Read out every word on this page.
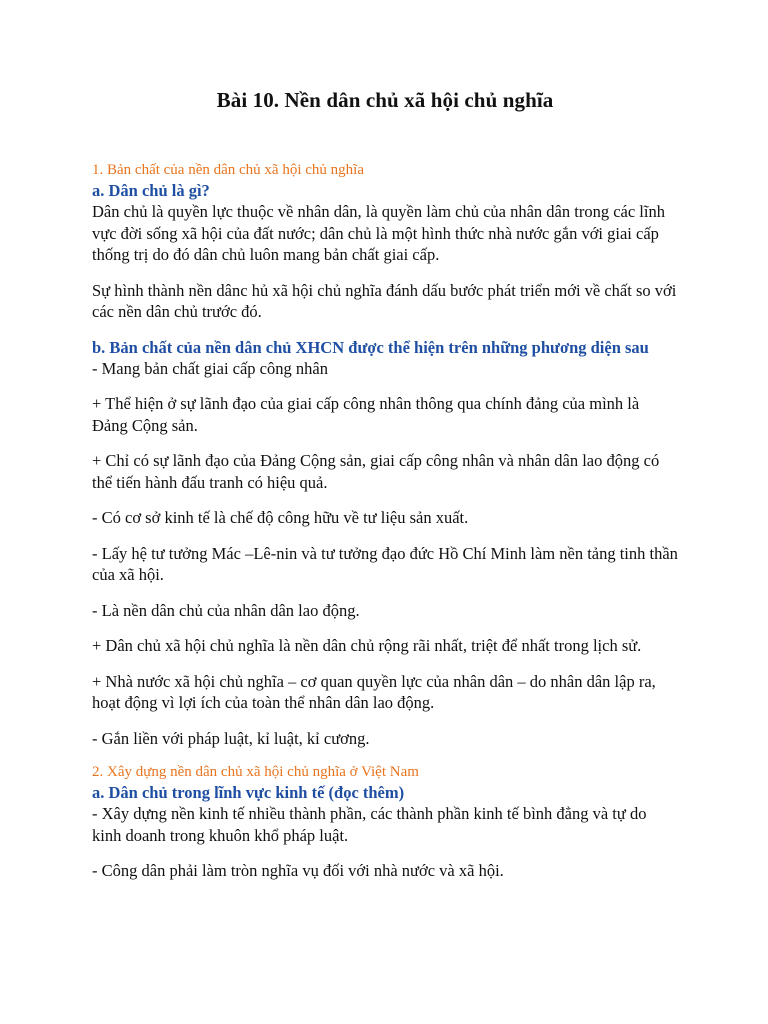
Bài 10. Nền dân chủ xã hội chủ nghĩa

1. Bản chất của nền dân chủ xã hội chủ nghĩa

a. Dân chủ là gì?

Dân chủ là quyền lực thuộc về nhân dân, là quyền làm chủ của nhân dân trong các lĩnh vực đời sống xã hội của đất nước; dân chủ là một hình thức nhà nước gắn với giai cấp thống trị do đó dân chủ luôn mang bản chất giai cấp.

Sự hình thành nền dânc hủ xã hội chủ nghĩa đánh dấu bước phát triển mới về chất so với các nền dân chủ trước đó.

b. Bản chất của nền dân chủ XHCN được thể hiện trên những phương diện sau

- Mang bản chất giai cấp công nhân

+ Thể hiện ở sự lãnh đạo của giai cấp công nhân thông qua chính đảng của mình là Đảng Cộng sản.

+ Chỉ có sự lãnh đạo của Đảng Cộng sản, giai cấp công nhân và nhân dân lao động có thể tiến hành đấu tranh có hiệu quả.

- Có cơ sở kinh tế là chế độ công hữu về tư liệu sản xuất.

- Lấy hệ tư tưởng Mác –Lê-nin và tư tưởng đạo đức Hồ Chí Minh làm nền tảng tinh thần của xã hội.

- Là nền dân chủ của nhân dân lao động.

+ Dân chủ xã hội chủ nghĩa là nền dân chủ rộng rãi nhất, triệt để nhất trong lịch sử.

+ Nhà nước xã hội chủ nghĩa – cơ quan quyền lực của nhân dân – do nhân dân lập ra, hoạt động vì lợi ích của toàn thể nhân dân lao động.

- Gắn liền với pháp luật, kỉ luật, kỉ cương.

2. Xây dựng nền dân chủ xã hội chủ nghĩa ở Việt Nam

a. Dân chủ trong lĩnh vực kinh tế (đọc thêm)

- Xây dựng nền kinh tế nhiều thành phần, các thành phần kinh tế bình đẳng và tự do kinh doanh trong khuôn khổ pháp luật.

- Công dân phải làm tròn nghĩa vụ đối với nhà nước và xã hội.
